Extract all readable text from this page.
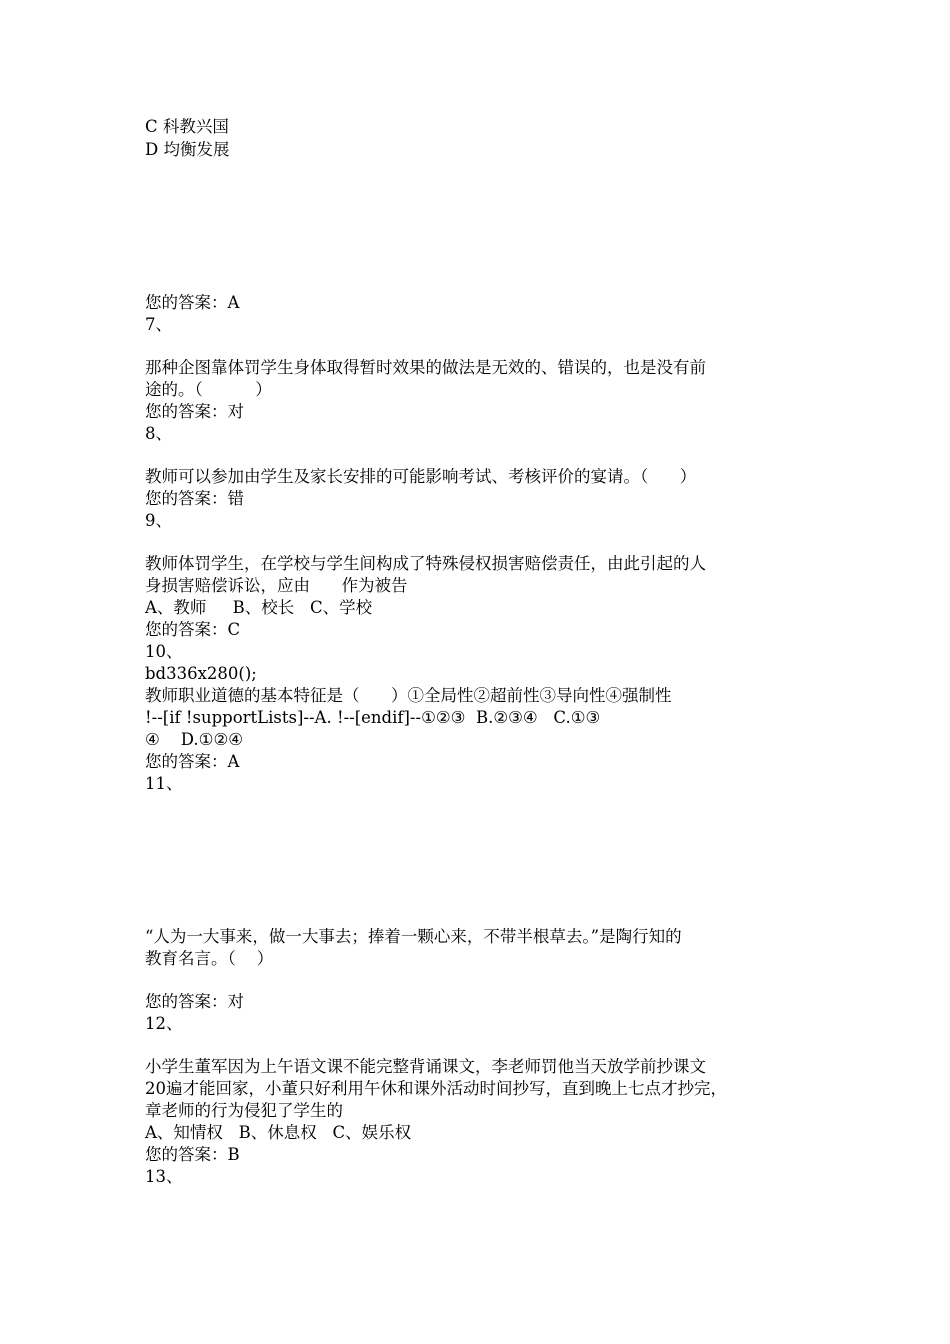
C 科教兴国

D 均衡发展

您的答案：A

7、

那种企图靠体罚学生身体取得暂时效果的做法是无效的、错误的，也是没有前

途的。（          ）

您的答案：对

8、

教师可以参加由学生及家长安排的可能影响考试、考核评价的宴请。（      ）

您的答案：错

9、

教师体罚学生，在学校与学生间构成了特殊侵权损害赔偿责任，由此引起的人

身损害赔偿诉讼，应由      作为被告

A、教师     B、校长   C、学校

您的答案：C

10、

bd336x280();

教师职业道德的基本特征是（      ）①全局性②超前性③导向性④强制性

!--[if !supportLists]--A. !--[endif]--①②③  B.②③④   C.①③

④    D.①②④

您的答案：A

11、

“人为一大事来，做一大事去；捧着一颗心来，不带半根草去。”是陶行知的

教育名言。（    ）

您的答案：对

12、

小学生董军因为上午语文课不能完整背诵课文，李老师罚他当天放学前抄课文

20遍才能回家，小董只好利用午休和课外活动时间抄写，直到晚上七点才抄完，

章老师的行为侵犯了学生的

A、知情权   B、休息权   C、娱乐权

您的答案：B

13、
